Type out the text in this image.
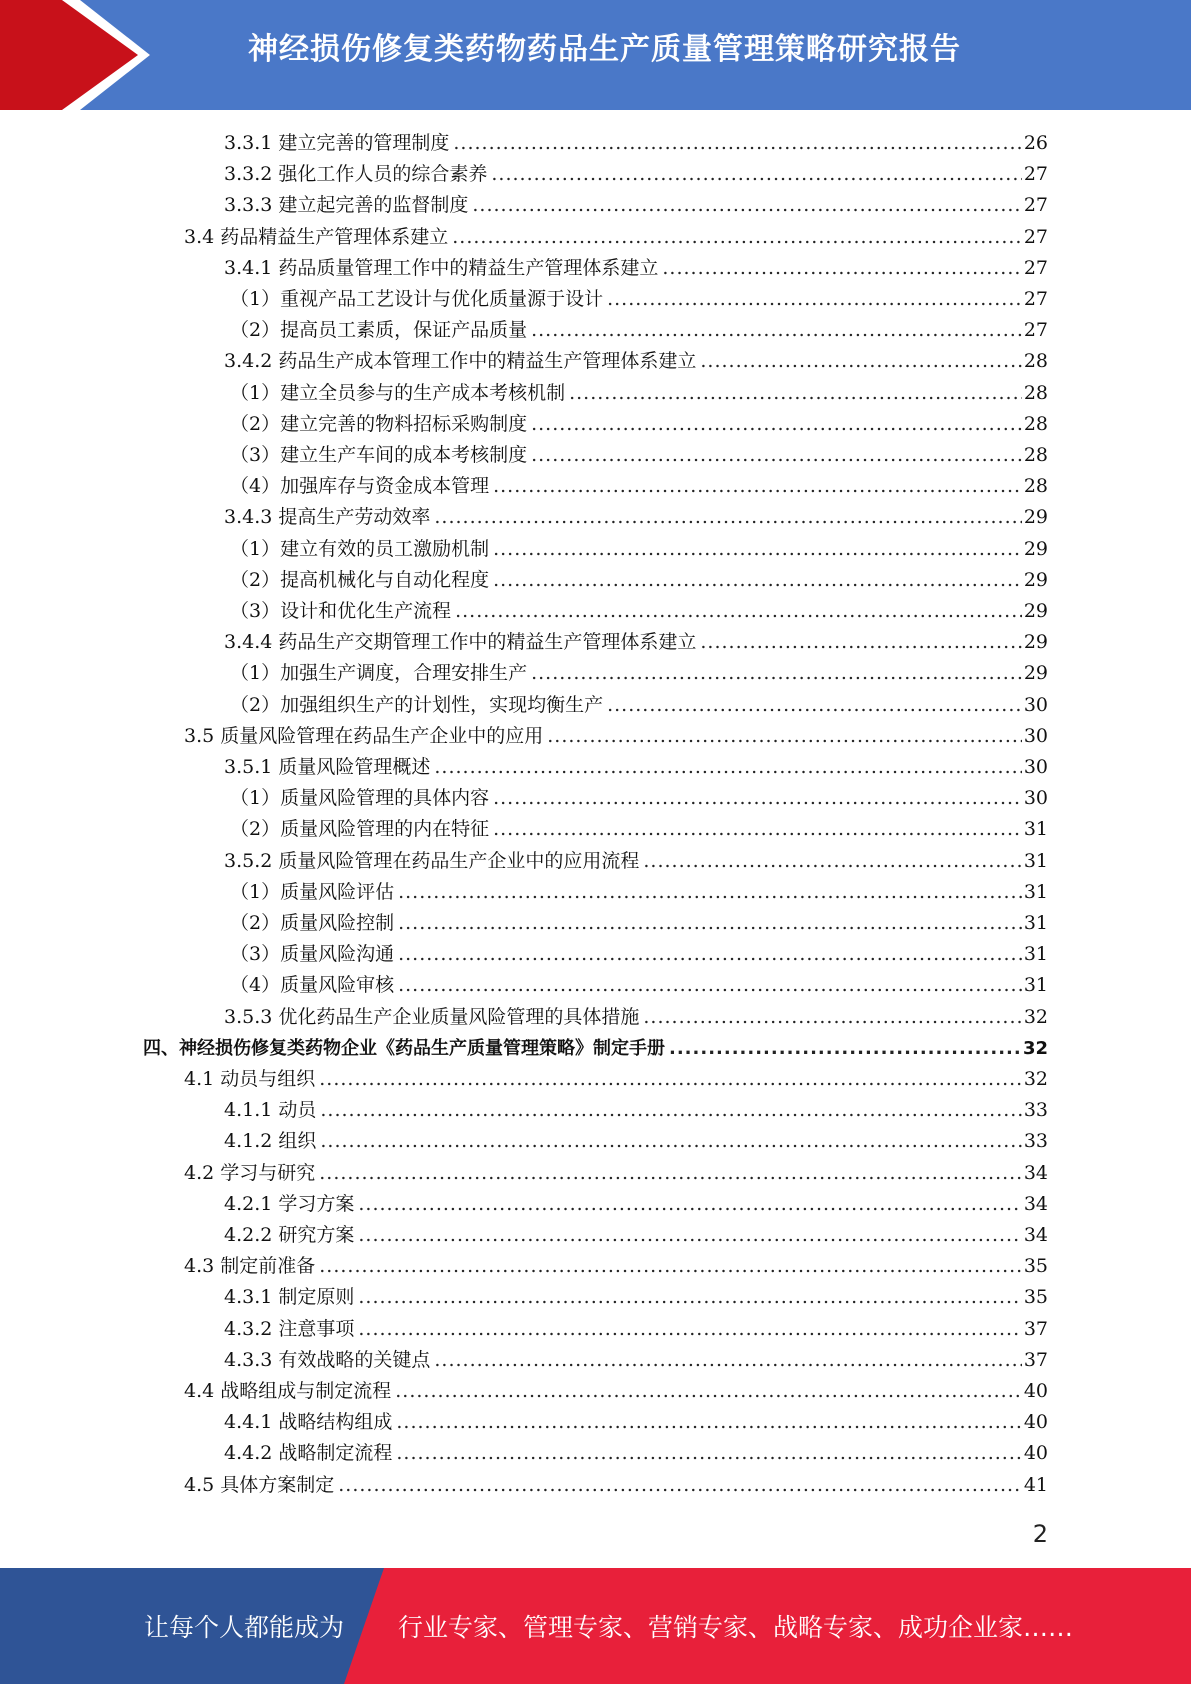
神经损伤修复类药物药品生产质量管理策略研究报告
3.3.1 建立完善的管理制度 .....	26
3.3.2 强化工作人员的综合素养 .....	27
3.3.3 建立起完善的监督制度 .....	27
3.4 药品精益生产管理体系建立 .....	27
3.4.1 药品质量管理工作中的精益生产管理体系建立 .....	27
（1）重视产品工艺设计与优化质量源于设计 .....	27
（2）提高员工素质，保证产品质量 .....	27
3.4.2 药品生产成本管理工作中的精益生产管理体系建立 .....	28
（1）建立全员参与的生产成本考核机制 .....	28
（2）建立完善的物料招标采购制度 .....	28
（3）建立生产车间的成本考核制度 .....	28
（4）加强库存与资金成本管理 .....	28
3.4.3 提高生产劳动效率 .....	29
（1）建立有效的员工激励机制 .....	29
（2）提高机械化与自动化程度 .....	29
（3）设计和优化生产流程 .....	29
3.4.4 药品生产交期管理工作中的精益生产管理体系建立 .....	29
（1）加强生产调度，合理安排生产 .....	29
（2）加强组织生产的计划性，实现均衡生产 .....	30
3.5 质量风险管理在药品生产企业中的应用 .....	30
3.5.1 质量风险管理概述 .....	30
（1）质量风险管理的具体内容 .....	30
（2）质量风险管理的内在特征 .....	31
3.5.2 质量风险管理在药品生产企业中的应用流程 .....	31
（1）质量风险评估 .....	31
（2）质量风险控制 .....	31
（3）质量风险沟通 .....	31
（4）质量风险审核 .....	31
3.5.3 优化药品生产企业质量风险管理的具体措施 .....	32
四、神经损伤修复类药物企业《药品生产质量管理策略》制定手册 .....	32
4.1 动员与组织 .....	32
4.1.1 动员 .....	33
4.1.2 组织 .....	33
4.2 学习与研究 .....	34
4.2.1 学习方案 .....	34
4.2.2 研究方案 .....	34
4.3 制定前准备 .....	35
4.3.1 制定原则 .....	35
4.3.2 注意事项 .....	37
4.3.3 有效战略的关键点 .....	37
4.4 战略组成与制定流程 .....	40
4.4.1 战略结构组成 .....	40
4.4.2 战略制定流程 .....	40
4.5 具体方案制定 .....	41
2
让每个人都能成为 行业专家、管理专家、营销专家、战略专家、成功企业家……
